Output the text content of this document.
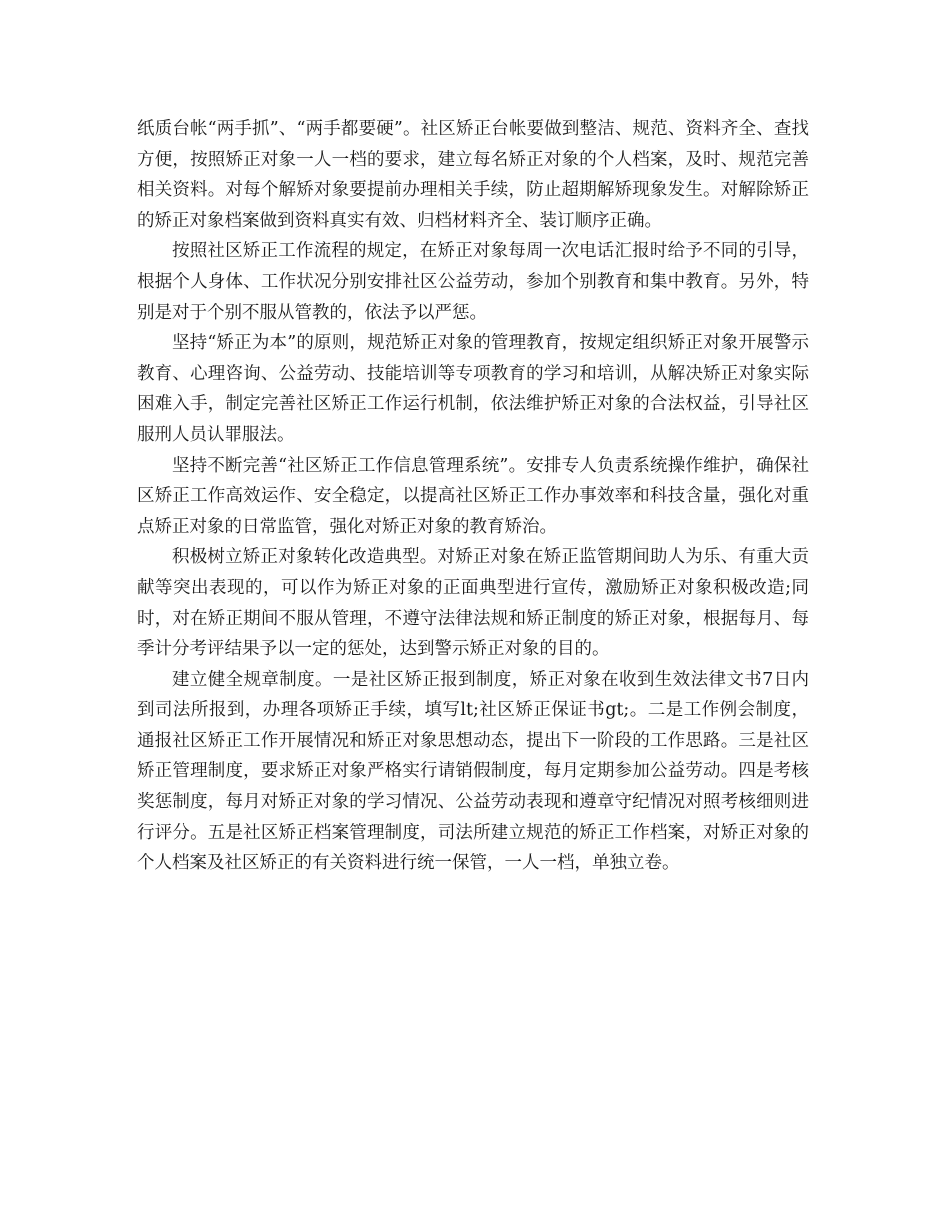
纸质台帐“两手抓”、“两手都要硬”。社区矫正台帐要做到整洁、规范、资料齐全、查找方便，按照矫正对象一人一档的要求，建立每名矫正对象的个人档案，及时、规范完善相关资料。对每个解矫对象要提前办理相关手续，防止超期解矫现象发生。对解除矫正的矫正对象档案做到资料真实有效、归档材料齐全、装订顺序正确。

按照社区矫正工作流程的规定，在矫正对象每周一次电话汇报时给予不同的引导，根据个人身体、工作状况分别安排社区公益劳动，参加个别教育和集中教育。另外，特别是对于个别不服从管教的，依法予以严惩。

坚持“矫正为本”的原则，规范矫正对象的管理教育，按规定组织矫正对象开展警示教育、心理咨询、公益劳动、技能培训等专项教育的学习和培训，从解决矫正对象实际困难入手，制定完善社区矫正工作运行机制，依法维护矫正对象的合法权益，引导社区服刑人员认罪服法。

坚持不断完善“社区矫正工作信息管理系统”。安排专人负责系统操作维护，确保社区矫正工作高效运作、安全稳定，以提高社区矫正工作办事效率和科技含量，强化对重点矫正对象的日常监管，强化对矫正对象的教育矫治。

积极树立矫正对象转化改造典型。对矫正对象在矫正监管期间助人为乐、有重大贡献等突出表现的，可以作为矫正对象的正面典型进行宣传，激励矫正对象积极改造;同时，对在矫正期间不服从管理，不遵守法律法规和矫正制度的矫正对象，根据每月、每季计分考评结果予以一定的惩处，达到警示矫正对象的目的。

建立健全规章制度。一是社区矫正报到制度，矫正对象在收到生效法律文书7日内到司法所报到，办理各项矫正手续，填写lt;社区矫正保证书gt;。二是工作例会制度，通报社区矫正工作开展情况和矫正对象思想动态，提出下一阶段的工作思路。三是社区矫正管理制度，要求矫正对象严格实行请销假制度，每月定期参加公益劳动。四是考核奖惩制度，每月对矫正对象的学习情况、公益劳动表现和遵章守纪情况对照考核细则进行评分。五是社区矫正档案管理制度，司法所建立规范的矫正工作档案，对矫正对象的个人档案及社区矫正的有关资料进行统一保管，一人一档，单独立卷。
